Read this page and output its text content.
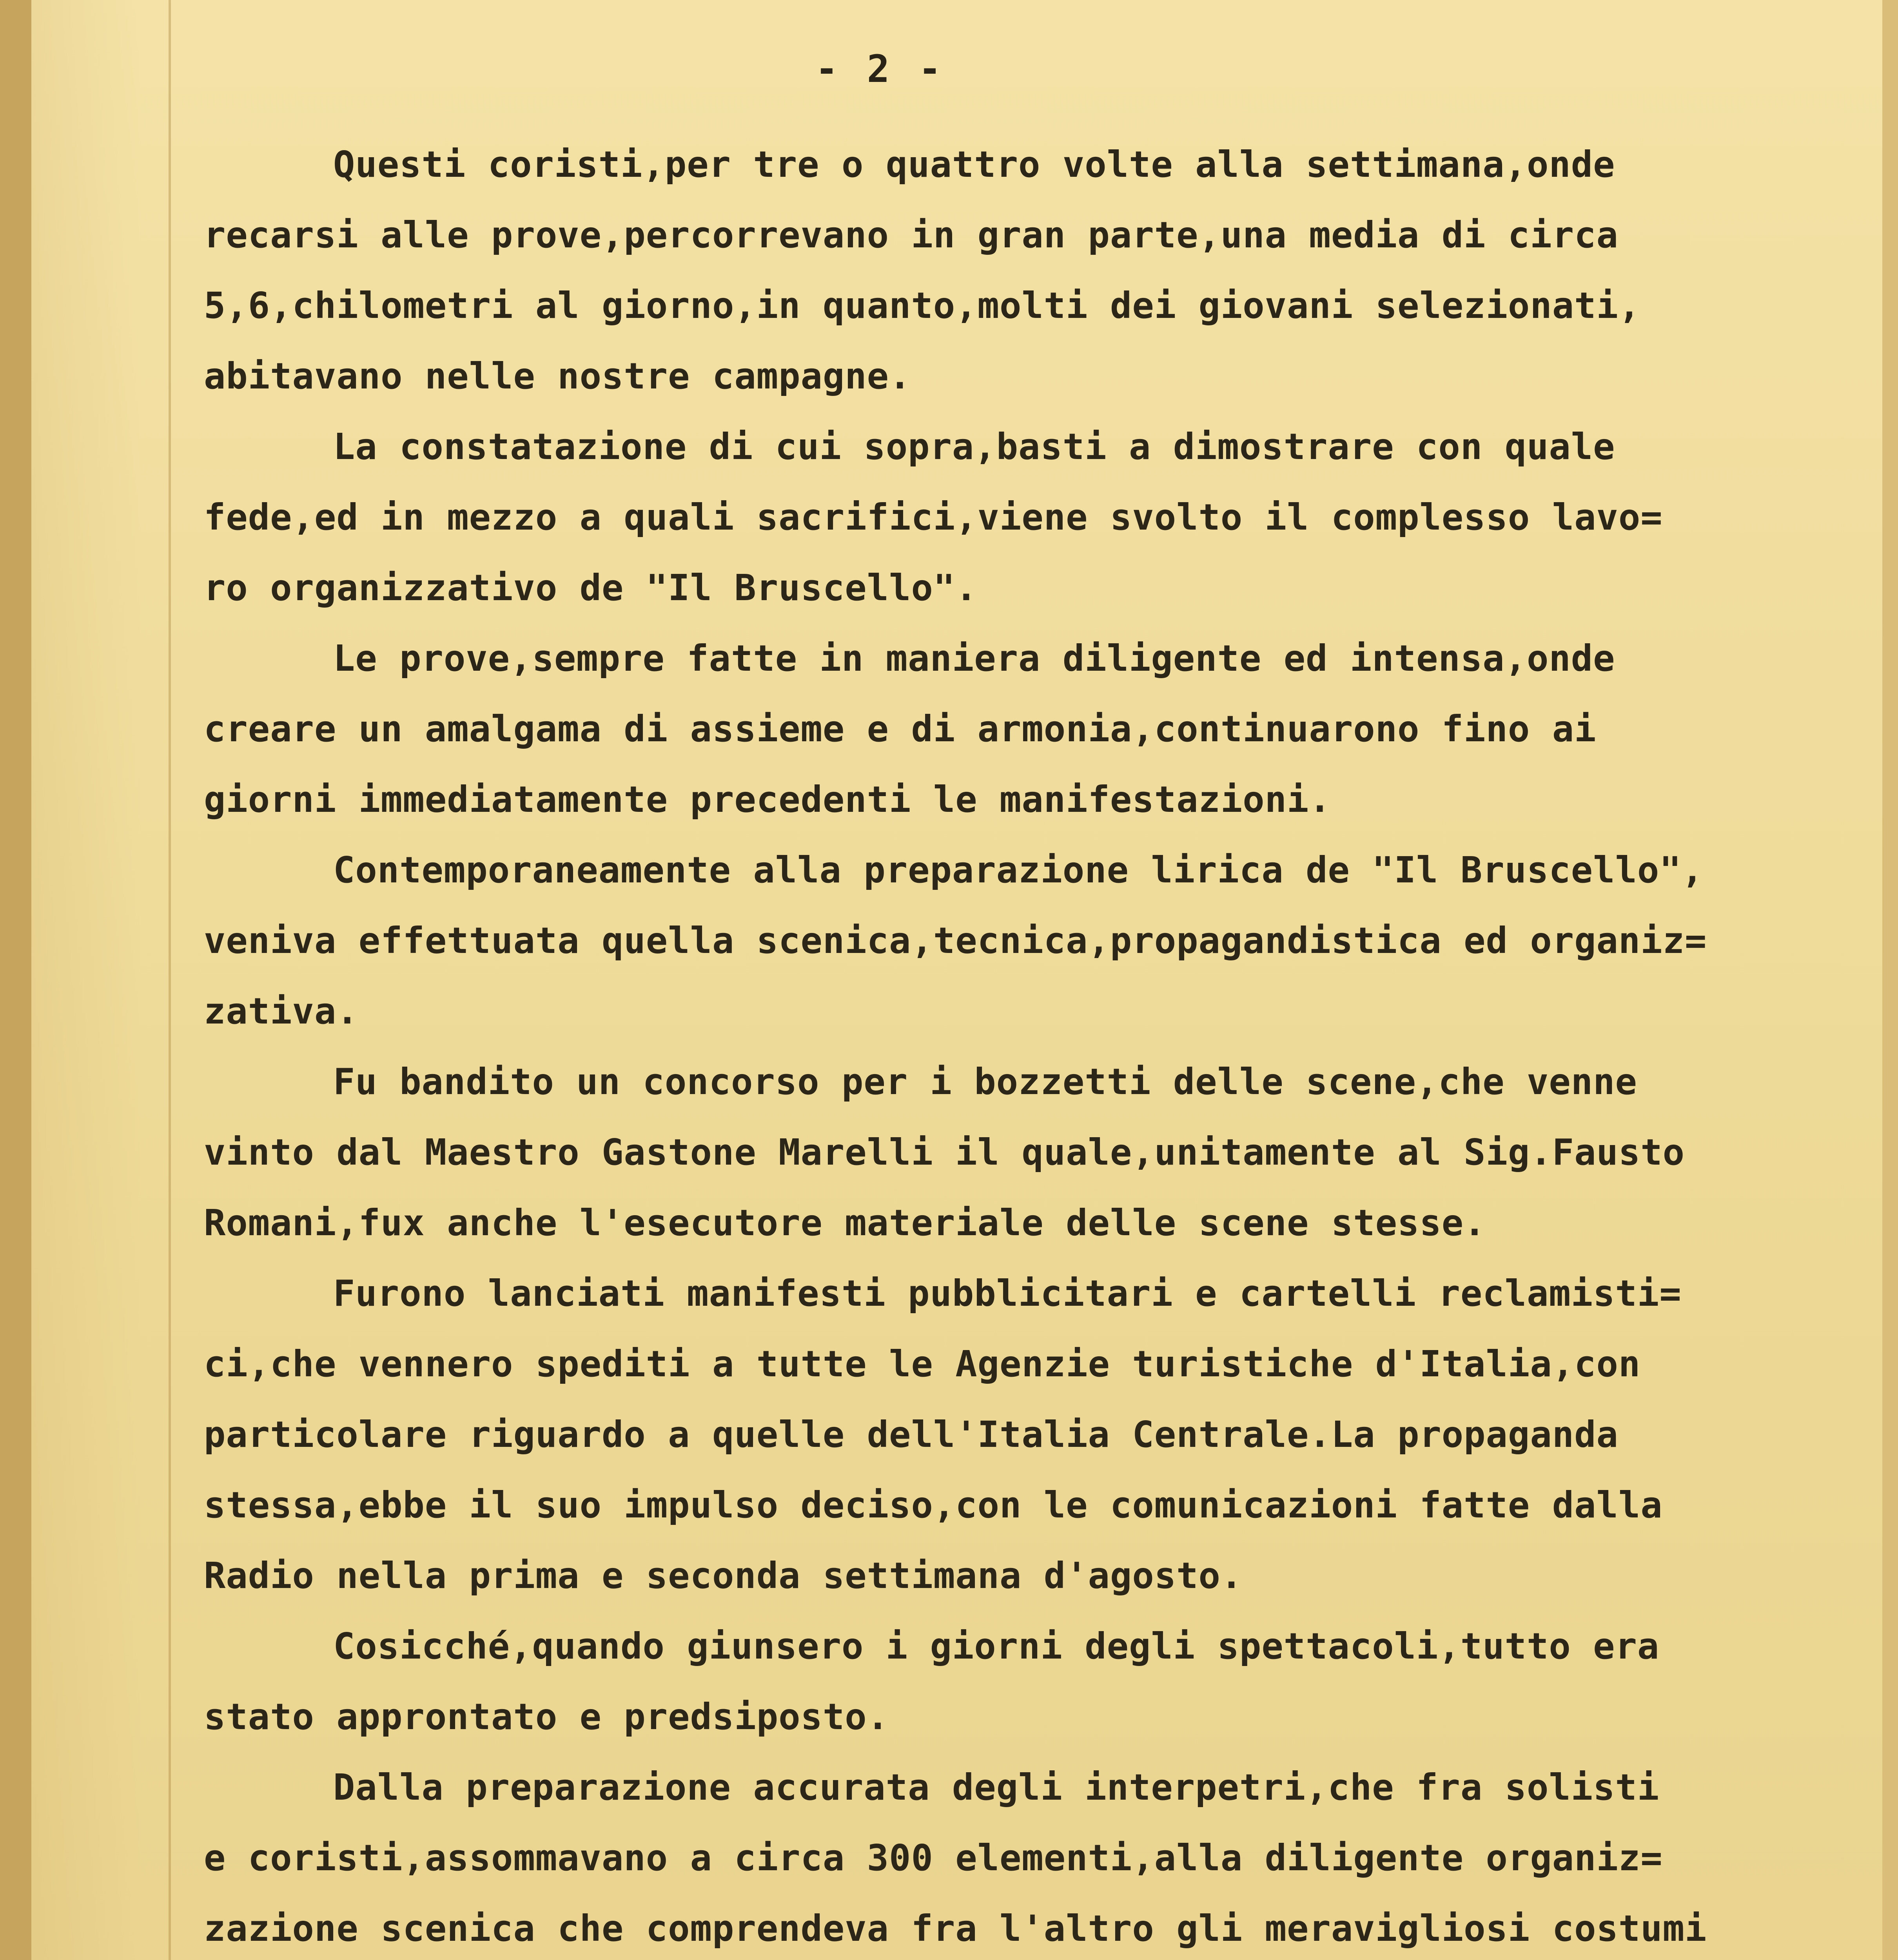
- 2 -
Questi coristi,per tre o quattro volte alla settimana,onde
recarsi alle prove,percorrevano in gran parte,una media di circa
5,6,chilometri al giorno,in quanto,molti dei giovani selezionati,
abitavano nelle nostre campagne.
La constatazione di cui sopra,basti a dimostrare con quale
fede,ed in mezzo a quali sacrifici,viene svolto il complesso lavo=
ro organizzativo de "Il Bruscello".
Le prove,sempre fatte in maniera diligente ed intensa,onde
creare un amalgama di assieme e di armonia,continuarono fino ai
giorni immediatamente precedenti le manifestazioni.
Contemporaneamente alla preparazione lirica de "Il Bruscello",
veniva effettuata quella scenica,tecnica,propagandistica ed organiz=
zativa.
Fu bandito un concorso per i bozzetti delle scene,che venne
vinto dal Maestro Gastone Marelli il quale,unitamente al Sig.Fausto
Romani,fux anche l'esecutore materiale delle scene stesse.
Furono lanciati manifesti pubblicitari e cartelli reclamisti=
ci,che vennero spediti a tutte le Agenzie turistiche d'Italia,con
particolare riguardo a quelle dell'Italia Centrale.La propaganda
stessa,ebbe il suo impulso deciso,con le comunicazioni fatte dalla
Radio nella prima e seconda settimana d'agosto.
Cosicché,quando giunsero i giorni degli spettacoli,tutto era
stato approntato e predsiposto.
Dalla preparazione accurata degli interpetri,che fra solisti
e coristi,assommavano a circa 300 elementi,alla diligente organiz=
zazione scenica che comprendeva fra l'altro gli meravigliosi costumi
